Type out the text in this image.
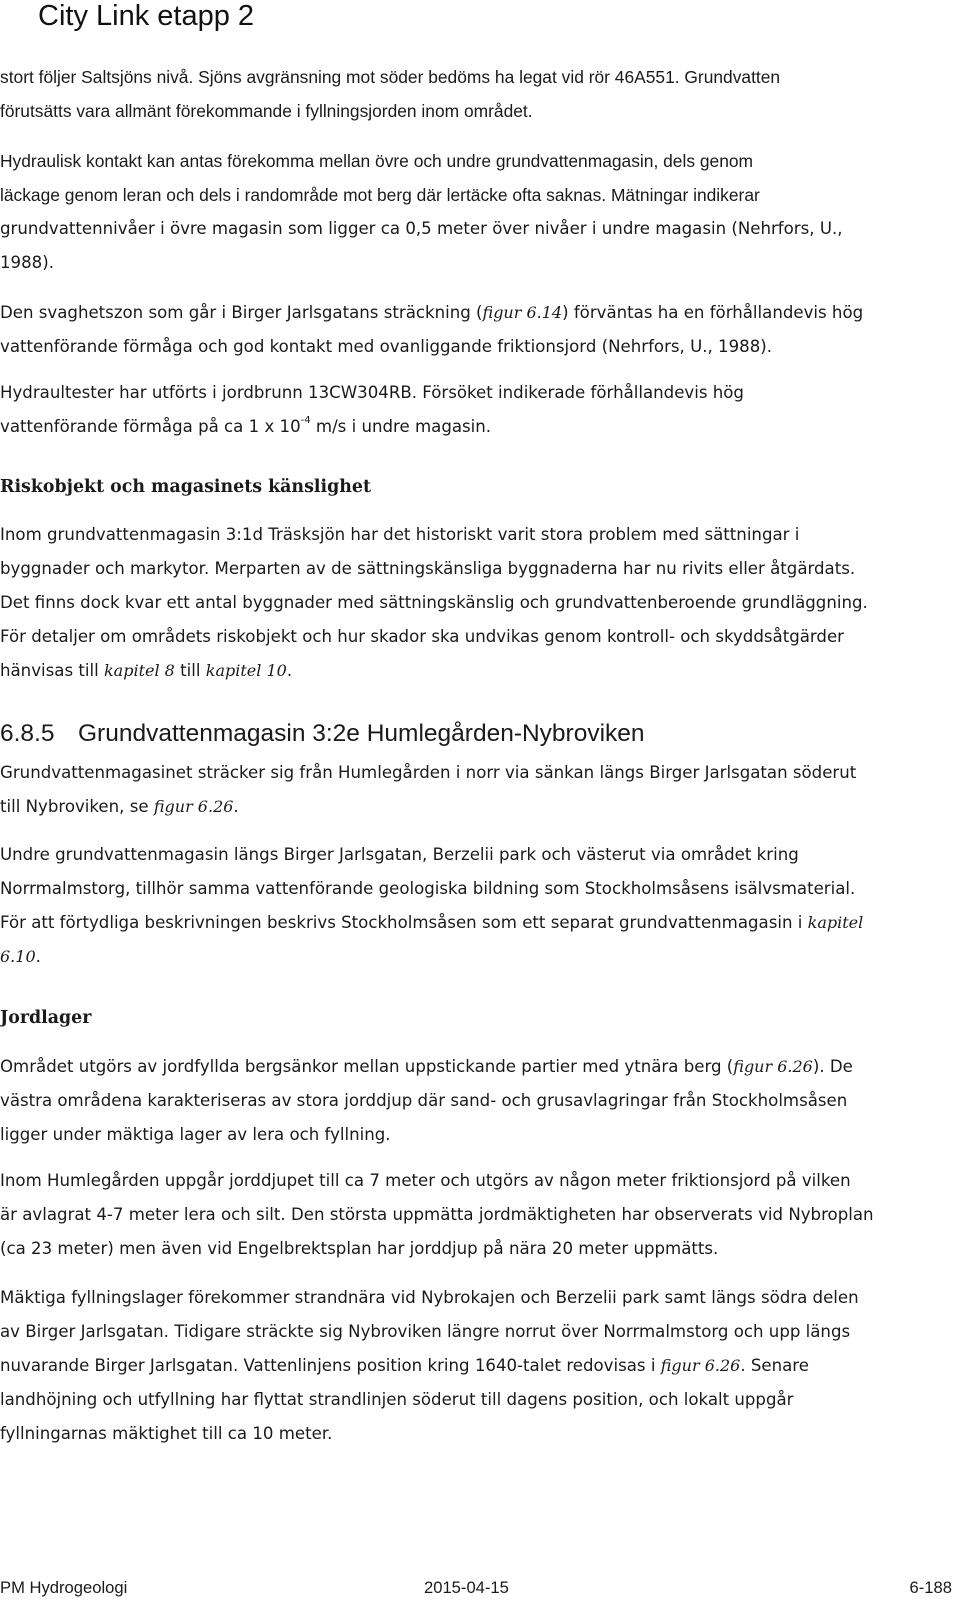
City Link etapp 2
stort följer Saltsjöns nivå. Sjöns avgränsning mot söder bedöms ha legat vid rör 46A551. Grundvatten
förutsätts vara allmänt förekommande i fyllningsjorden inom området.
Hydraulisk kontakt kan antas förekomma mellan övre och undre grundvattenmagasin, dels genom
läckage genom leran och dels i randområde mot berg där lertäcke ofta saknas. Mätningar indikerar
grundvattennivåer i övre magasin som ligger ca 0,5 meter över nivåer i undre magasin (Nehrfors, U.,
1988).
Den svaghetszon som går i Birger Jarlsgatans sträckning (figur 6.14) förväntas ha en förhållandevis hög
vattenförande förmåga och god kontakt med ovanliggande friktionsjord (Nehrfors, U., 1988).
Hydraultester har utförts i jordbrunn 13CW304RB. Försöket indikerade förhållandevis hög
vattenförande förmåga på ca 1 x $10^{-4}$ m/s i undre magasin.
Riskobjekt och magasinets känslighet
Inom grundvattenmagasin 3:1d Träsksjön har det historiskt varit stora problem med sättningar i
byggnader och markytor. Merparten av de sättningskänsliga byggnaderna har nu rivits eller åtgärdats.
Det finns dock kvar ett antal byggnader med sättningskänslig och grundvattenberoende grundläggning.
För detaljer om områdets riskobjekt och hur skador ska undvikas genom kontroll- och skyddsåtgärder
hänvisas till kapitel 8 till kapitel 10.
6.8.5 Grundvattenmagasin 3:2e Humlegården-Nybroviken
Grundvattenmagasinet sträcker sig från Humlegården i norr via sänkan längs Birger Jarlsgatan söderut
till Nybroviken, se figur 6.26.
Undre grundvattenmagasin längs Birger Jarlsgatan, Berzelii park och västerut via området kring
Norrmalmstorg, tillhör samma vattenförande geologiska bildning som Stockholmsåsens isälvsmaterial.
För att förtydliga beskrivningen beskrivs Stockholmsåsen som ett separat grundvattenmagasin i kapitel
6.10.
Jordlager
Området utgörs av jordfyllda bergsänkor mellan uppstickande partier med ytnära berg (figur 6.26). De
västra områdena karakteriseras av stora jorddjup där sand- och grusavlagringar från Stockholmsåsen
ligger under mäktiga lager av lera och fyllning.
Inom Humlegården uppgår jorddjupet till ca 7 meter och utgörs av någon meter friktionsjord på vilken
är avlagrat 4-7 meter lera och silt. Den största uppmätta jordmäktigheten har observerats vid Nybroplan
(ca 23 meter) men även vid Engelbrektsplan har jorddjup på nära 20 meter uppmätts.
Mäktiga fyllningslager förekommer strandnära vid Nybrokajen och Berzelii park samt längs södra delen
av Birger Jarlsgatan. Tidigare sträckte sig Nybroviken längre norrut över Norrmalmstorg och upp längs
nuvarande Birger Jarlsgatan. Vattenlinjens position kring 1640-talet redovisas i figur 6.26. Senare
landhöjning och utfyllning har flyttat strandlinjen söderut till dagens position, och lokalt uppgår
fyllningarnas mäktighet till ca 10 meter.
PM Hydrogeologi	2015-04-15	6-188
